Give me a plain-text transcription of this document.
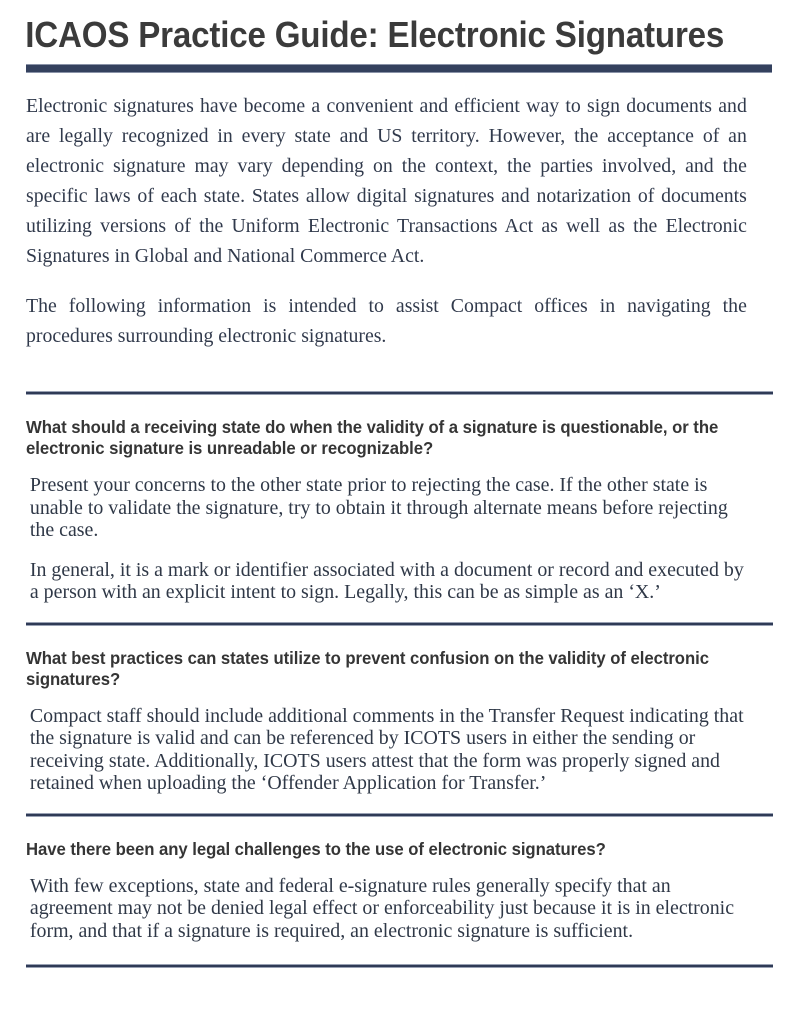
ICAOS Practice Guide: Electronic Signatures

Electronic signatures have become a convenient and efficient way to sign documents and are legally recognized in every state and US territory. However, the acceptance of an electronic signature may vary depending on the context, the parties involved, and the specific laws of each state. States allow digital signatures and notarization of documents utilizing versions of the Uniform Electronic Transactions Act as well as the Electronic Signatures in Global and National Commerce Act.

The following information is intended to assist Compact offices in navigating the procedures surrounding electronic signatures.

What should a receiving state do when the validity of a signature is questionable, or the electronic signature is unreadable or recognizable?

Present your concerns to the other state prior to rejecting the case. If the other state is unable to validate the signature, try to obtain it through alternate means before rejecting the case.

In general, it is a mark or identifier associated with a document or record and executed by a person with an explicit intent to sign. Legally, this can be as simple as an ‘X.’

What best practices can states utilize to prevent confusion on the validity of electronic signatures?

Compact staff should include additional comments in the Transfer Request indicating that the signature is valid and can be referenced by ICOTS users in either the sending or receiving state. Additionally, ICOTS users attest that the form was properly signed and retained when uploading the ‘Offender Application for Transfer.’

Have there been any legal challenges to the use of electronic signatures?

With few exceptions, state and federal e-signature rules generally specify that an agreement may not be denied legal effect or enforceability just because it is in electronic form, and that if a signature is required, an electronic signature is sufficient.
